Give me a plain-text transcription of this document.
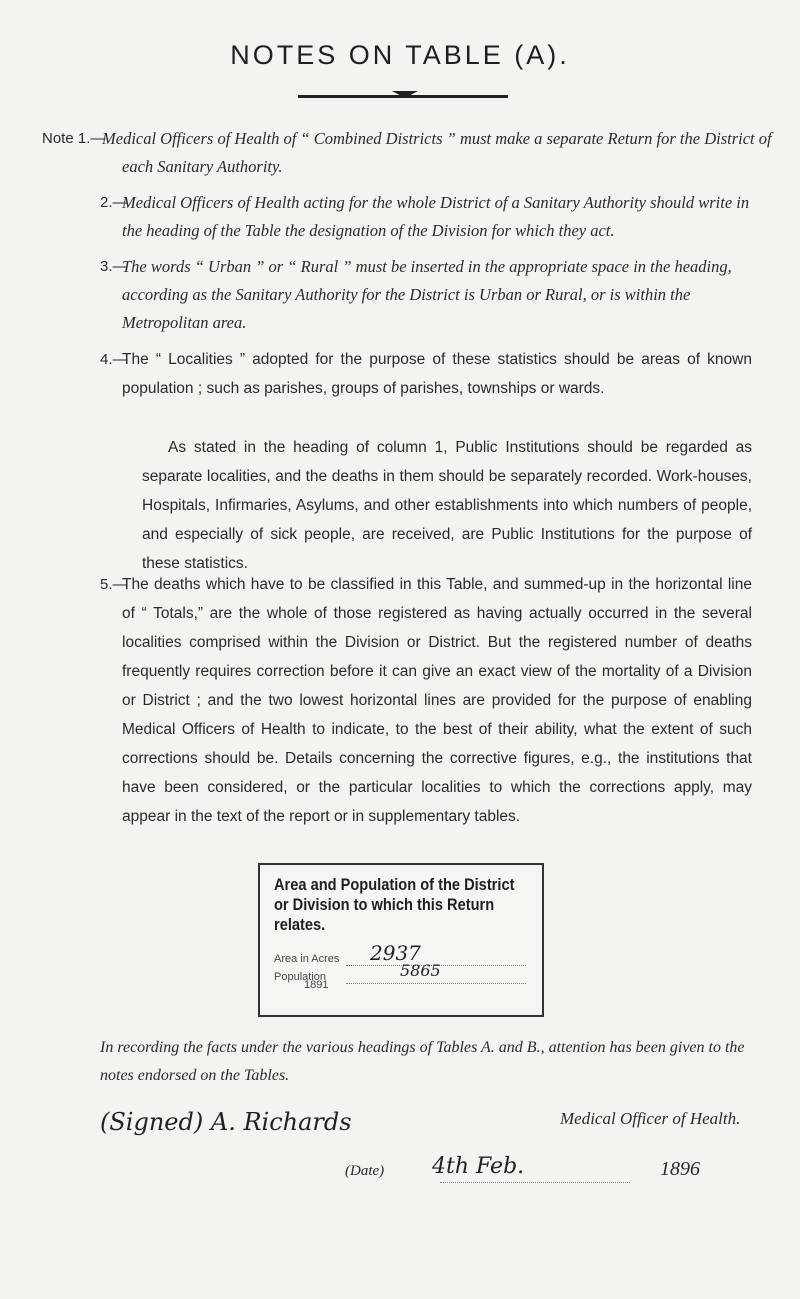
NOTES ON TABLE (A).
Note 1.—
Medical Officers of Health of “ Combined Districts ” must make a separate Return for the District of each Sanitary Authority.
2.—
Medical Officers of Health acting for the whole District of a Sanitary Authority should write in the heading of the Table the designation of the Division for which they act.
3.—
The words “ Urban ” or “ Rural ” must be inserted in the appropriate space in the heading, according as the Sanitary Authority for the District is Urban or Rural, or is within the Metropolitan area.
4.—
The “ Localities ” adopted for the purpose of these statistics should be areas of known population ; such as parishes, groups of parishes, townships or wards.
As stated in the heading of column 1, Public Institutions should be regarded as separate localities, and the deaths in them should be separately recorded. Work-houses, Hospitals, Infirmaries, Asylums, and other establishments into which numbers of people, and especially of sick people, are received, are Public Institutions for the purpose of these statistics.
5.—
The deaths which have to be classified in this Table, and summed-up in the horizontal line of “ Totals,” are the whole of those registered as having actually occurred in the several localities comprised within the Division or District. But the registered number of deaths frequently requires correction before it can give an exact view of the mortality of a Division or District ; and the two lowest horizontal lines are provided for the purpose of enabling Medical Officers of Health to indicate, to the best of their ability, what the extent of such corrections should be. Details concerning the corrective figures, e.g., the institutions that have been considered, or the particular localities to which the corrections apply, may appear in the text of the report or in supplementary tables.
Area and Population of the District or Division to which this Return relates.
Area in Acres 2937
Population	5865
1891
In recording the facts under the various headings of Tables A. and B., attention has been given to the notes endorsed on the Tables.
(Signed) A. Richards	Medical Officer of Health.
(Date) 4th Feb.	1896
